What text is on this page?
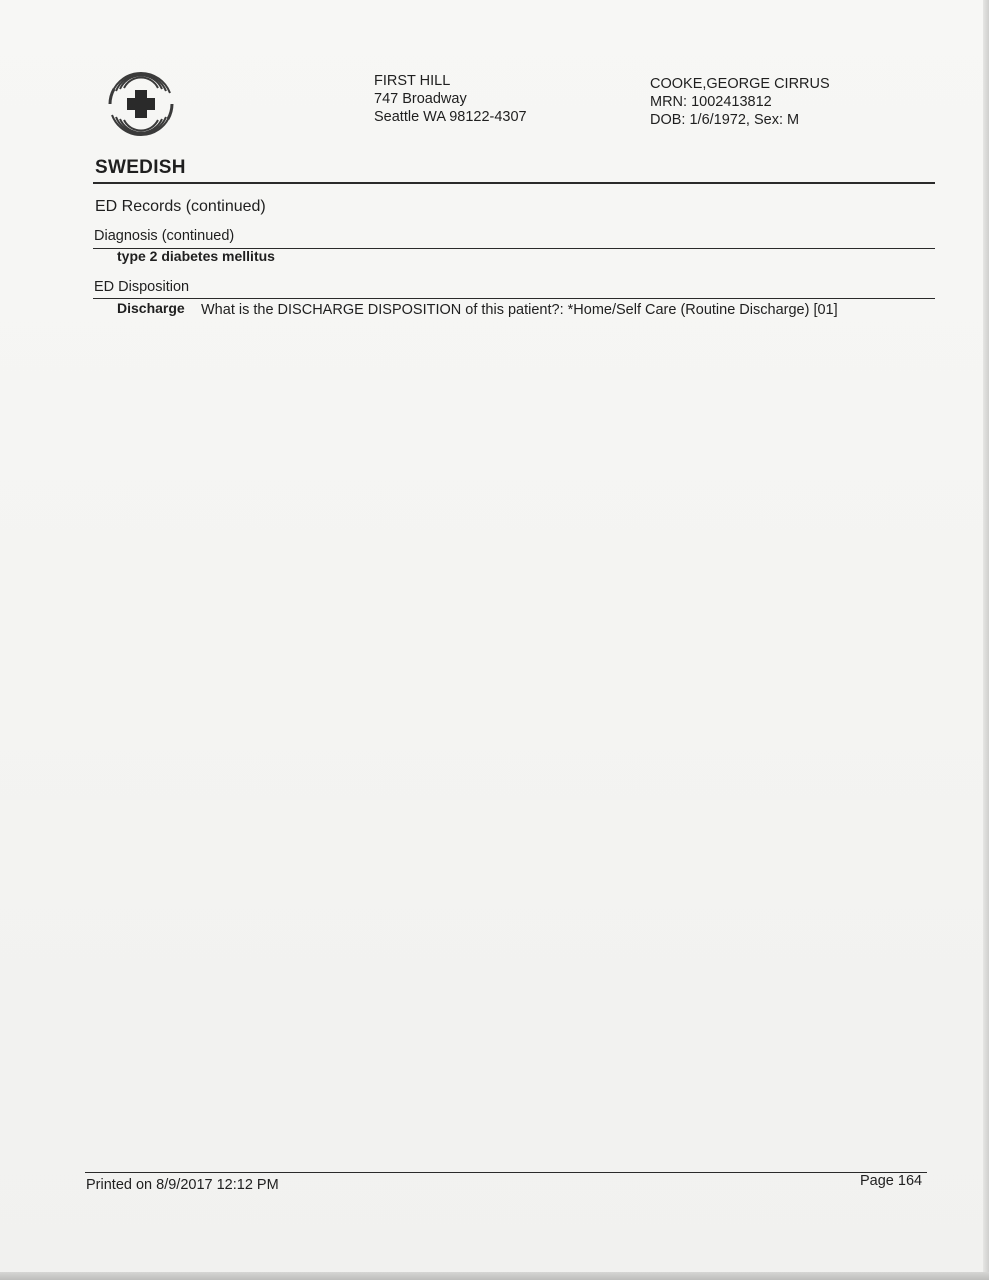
SWEDISH
FIRST HILL
747 Broadway
Seattle WA 98122-4307
COOKE,GEORGE CIRRUS
MRN: 1002413812
DOB: 1/6/1972, Sex: M
ED Records (continued)
Diagnosis (continued)
type 2 diabetes mellitus
ED Disposition
Discharge	What is the DISCHARGE DISPOSITION of this patient?: *Home/Self Care (Routine Discharge) [01]
Printed on 8/9/2017 12:12 PM	Page 164
